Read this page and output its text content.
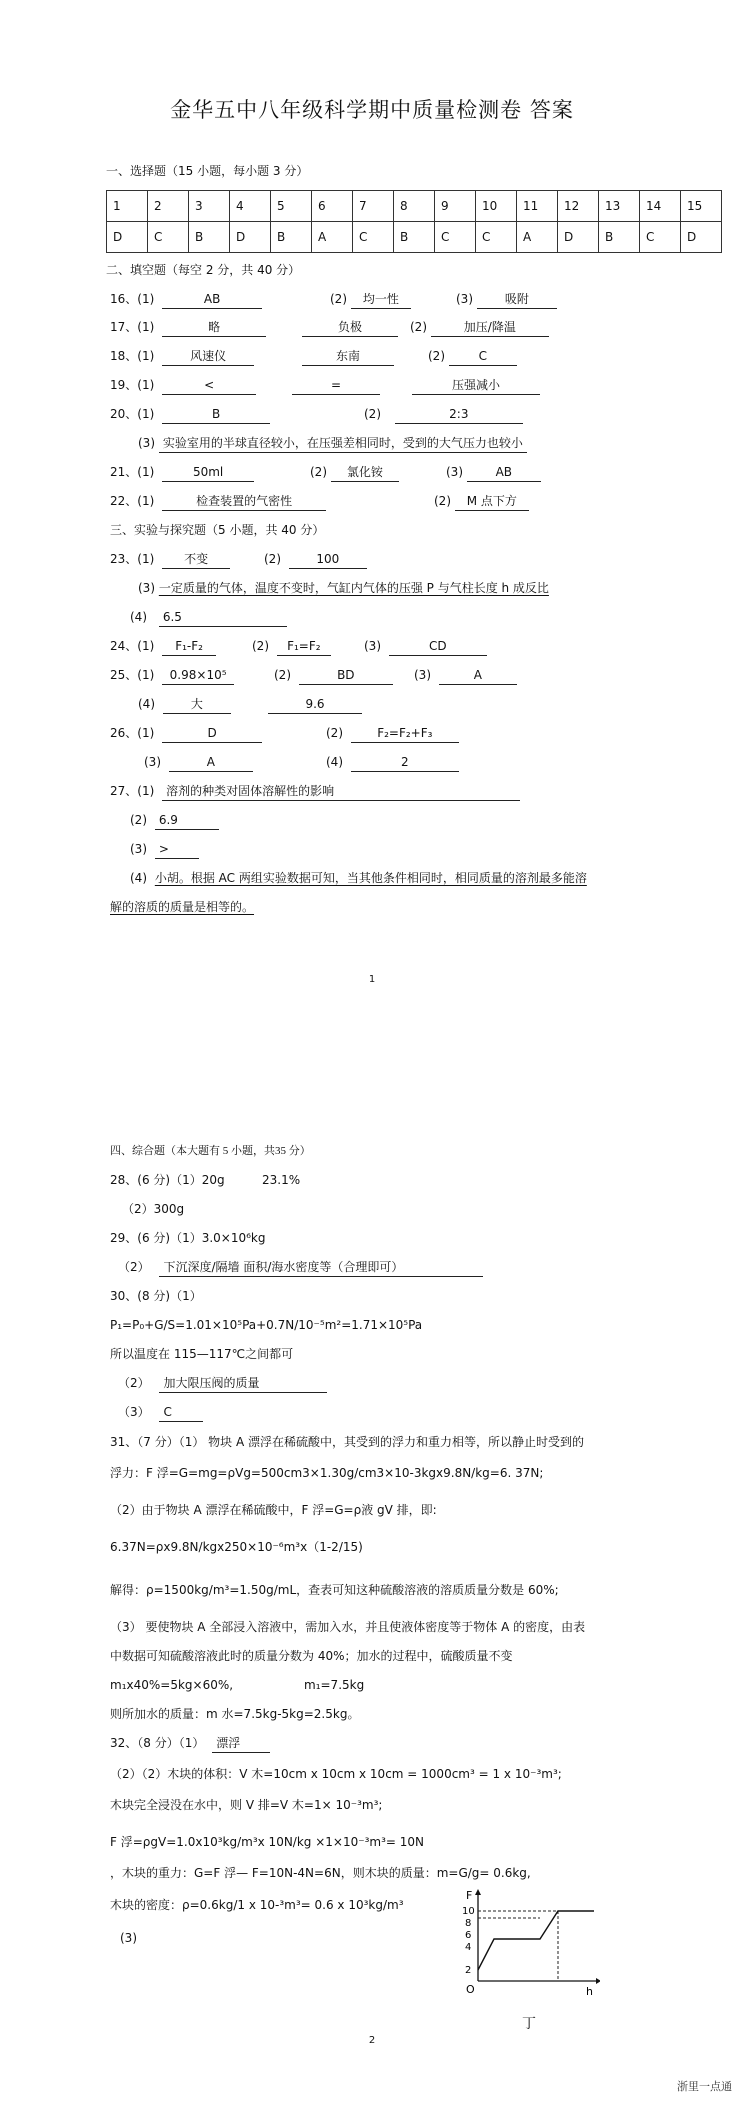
金华五中八年级科学期中质量检测卷 答案
一、选择题（15 小题，每小题 3 分）
1	2	3	4	5	6	7	8	9	10	11	12	13	14	15
D	C	B	D	B	A	C	B	C	C	A	D	B	C	D
二、填空题（每空 2 分，共 40 分）
16、(1)	AB	(2) 均一性	(3)	吸附
17、(1)	略	负极	(2)	加压/降温
18、(1)	风速仪	东南	(2)	C
19、(1)	<	=	压强减小
20、(1)	B	(2)	2:3
(3) 实验室用的半球直径较小，在压强差相同时，受到的大气压力也较小
21、(1)	50ml	(2) 氯化铵	(3)	AB
22、(1)	检查装置的气密性	(2) M 点下方
三、实验与探究题（5 小题，共 40 分）
23、(1) 不变	(2)	100
(3) 一定质量的气体，温度不变时，气缸内气体的压强 P 与气柱长度 h 成反比
(4) 6.5
24、(1) F₁-F₂	(2) F₁=F₂	(3)	CD
25、(1) 0.98×10⁵	(2)	BD	(3)	A
(4)	大	9.6
26、(1)	D	(2)	F₂=F₂+F₃
(3)	A	(4)	2
27、(1) 溶剂的种类对固体溶解性的影响
(2) 6.9
(3) >
(4) 小胡。根据 AC 两组实验数据可知，当其他条件相同时，相同质量的溶剂最多能溶
解的溶质的质量是相等的。
1
四、综合题（本大题有 5 小题，共35 分）
28、(6 分)（1）20g	23.1%
（2）300g
29、(6 分)（1）3.0×10⁶kg
（2） 下沉深度/隔墙 面积/海水密度等（合理即可）
30、(8 分)（1）
P₁=P₀+G/S=1.01×10⁵Pa+0.7N/10⁻⁵m²=1.71×10⁵Pa
所以温度在 115—117℃之间都可
（2） 加大限压阀的质量
（3） C
31、（7 分）（1） 物块 A 漂浮在稀硫酸中，其受到的浮力和重力相等，所以静止时受到的
浮力：F 浮=G=mg=ρVg=500cm3×1.30g/cm3×10-3kgx9.8N/kg=6. 37N;
（2）由于物块 A 漂浮在稀硫酸中，F 浮=G=ρ液 gV 排，即:
6.37N=ρx9.8N/kgx250×10⁻⁶m³x（1-2/15)
解得：ρ=1500kg/m³=1.50g/mL，查表可知这种硫酸溶液的溶质质量分数是 60%;
（3） 要使物块 A 全部浸入溶液中，需加入水，并且使液体密度等于物体 A 的密度，由表
中数据可知硫酸溶液此时的质量分数为 40%；加水的过程中，硫酸质量不变
m₁x40%=5kg×60%,	m₁=7.5kg
则所加水的质量：m 水=7.5kg-5kg=2.5kg。
32、（8 分）（1） 漂浮
（2）（2）木块的体积：V 木=10cm x 10cm x 10cm = 1000cm³ = 1 x 10⁻³m³;
木块完全浸没在水中，则 V 排=V 木=1× 10⁻³m³;
F 浮=ρgV=1.0x10³kg/m³x 10N/kg ×1×10⁻³m³= 10N
，木块的重力：G=F 浮— F=10N-4N=6N，则木块的质量：m=G/g= 0.6kg,
木块的密度：ρ=0.6kg/1 x 10-³m³= 0.6 x 10³kg/m³
(3)
F
10
8
6
4
2
O	h
丁
2
浙里一点通
